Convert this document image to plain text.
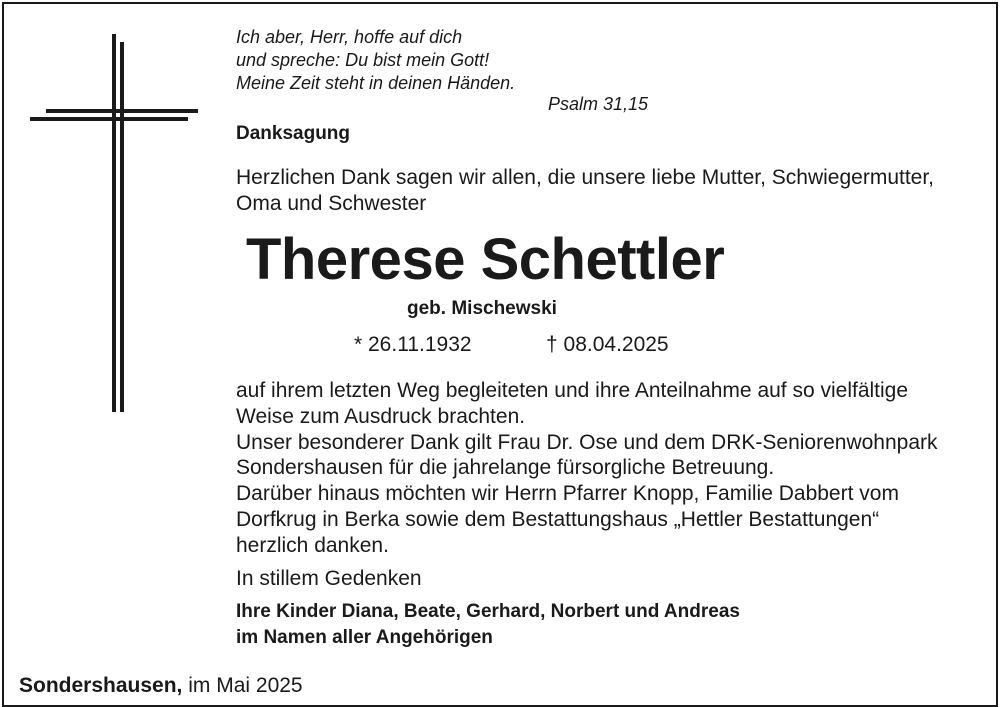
Ich aber, Herr, hoffe auf dich
und spreche: Du bist mein Gott!
Meine Zeit steht in deinen Händen.
Psalm 31,15
Danksagung
Herzlichen Dank sagen wir allen, die unsere liebe Mutter, Schwiegermutter,
Oma und Schwester
Therese Schettler
geb. Mischewski
* 26.11.1932	† 08.04.2025
auf ihrem letzten Weg begleiteten und ihre Anteilnahme auf so vielfältige
Weise zum Ausdruck brachten.
Unser besonderer Dank gilt Frau Dr. Ose und dem DRK-Seniorenwohnpark
Sondershausen für die jahrelange fürsorgliche Betreuung.
Darüber hinaus möchten wir Herrn Pfarrer Knopp, Familie Dabbert vom
Dorfkrug in Berka sowie dem Bestattungshaus „Hettler Bestattungen“
herzlich danken.
In stillem Gedenken
Ihre Kinder Diana, Beate, Gerhard, Norbert und Andreas
im Namen aller Angehörigen
Sondershausen, im Mai 2025
